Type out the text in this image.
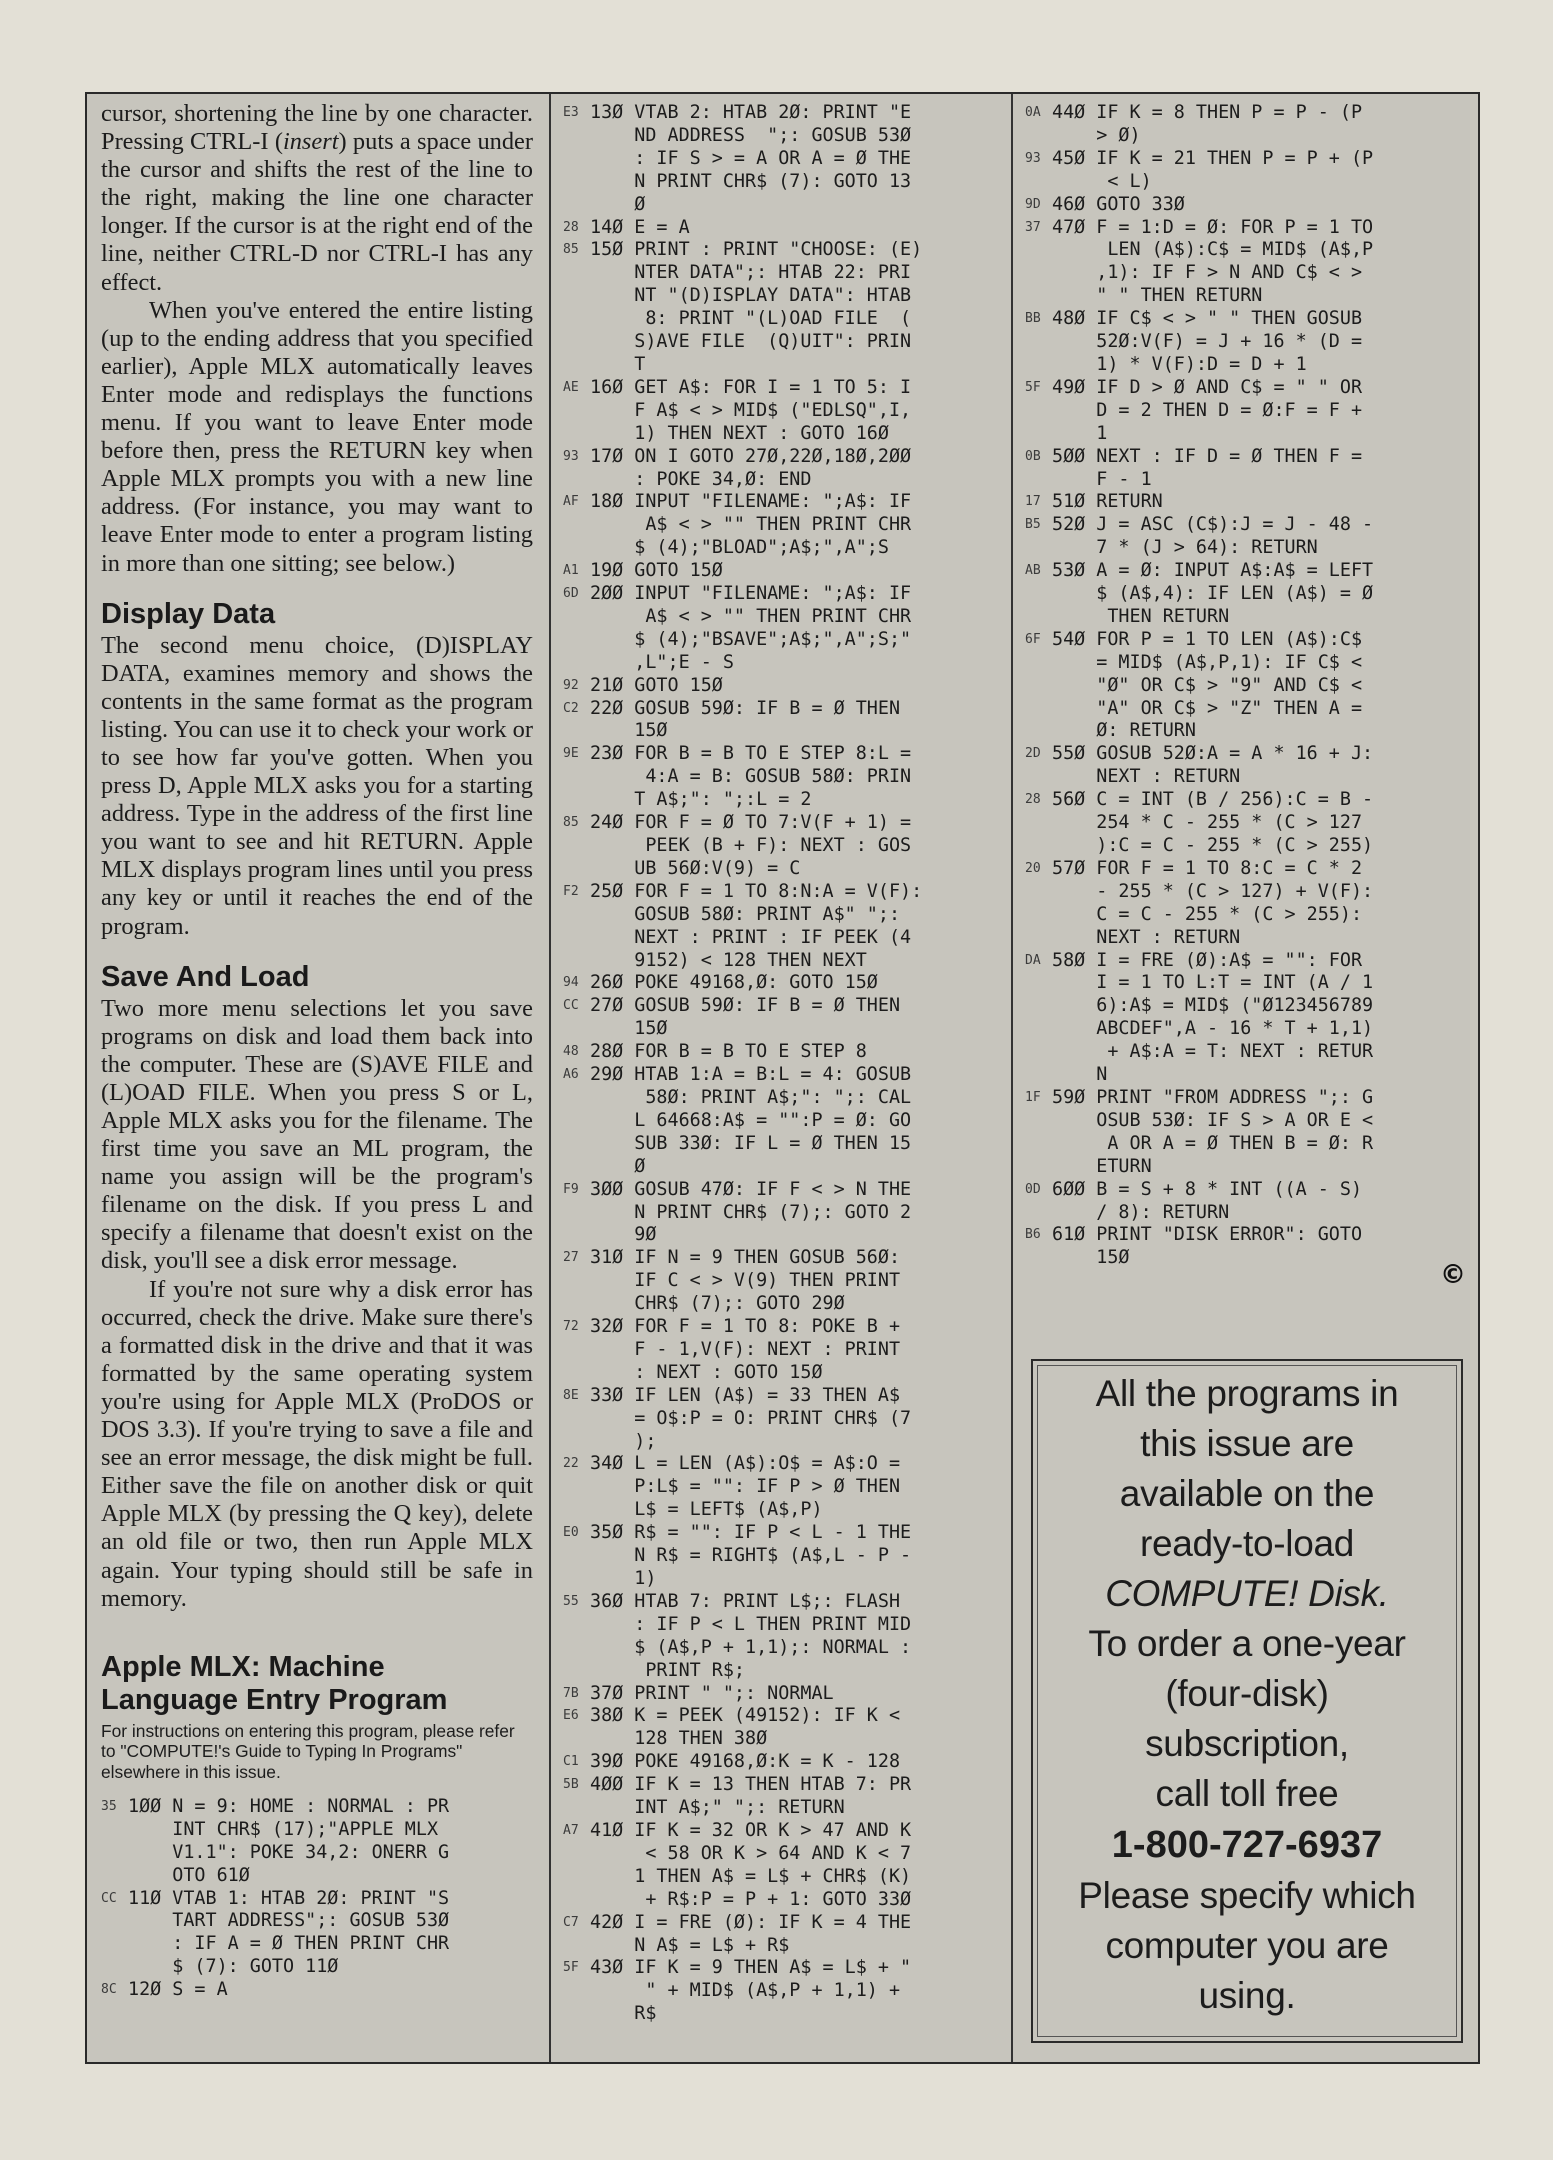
cursor, shortening the line by one character. Pressing CTRL-I (insert) puts a space under the cursor and shifts the rest of the line to the right, making the line one character longer. If the cursor is at the right end of the line, neither CTRL-D nor CTRL-I has any effect.

When you've entered the entire listing (up to the ending address that you specified earlier), Apple MLX automatically leaves Enter mode and redisplays the functions menu. If you want to leave Enter mode before then, press the RETURN key when Apple MLX prompts you with a new line address. (For instance, you may want to leave Enter mode to enter a program listing in more than one sitting; see below.)

Display Data

The second menu choice, (D)ISPLAY DATA, examines memory and shows the contents in the same format as the program listing. You can use it to check your work or to see how far you've gotten. When you press D, Apple MLX asks you for a starting address. Type in the address of the first line you want to see and hit RETURN. Apple MLX displays program lines until you press any key or until it reaches the end of the program.

Save And Load

Two more menu selections let you save programs on disk and load them back into the computer. These are (S)AVE FILE and (L)OAD FILE. When you press S or L, Apple MLX asks you for the filename. The first time you save an ML program, the name you assign will be the program's filename on the disk. If you press L and specify a filename that doesn't exist on the disk, you'll see a disk error message.

If you're not sure why a disk error has occurred, check the drive. Make sure there's a formatted disk in the drive and that it was formatted by the same operating system you're using for Apple MLX (ProDOS or DOS 3.3). If you're trying to save a file and see an error message, the disk might be full. Either save the file on another disk or quit Apple MLX (by pressing the Q key), delete an old file or two, then run Apple MLX again. Your typing should still be safe in memory.

Apple MLX: Machine
Language Entry Program
For instructions on entering this program, please refer to "COMPUTE!'s Guide to Typing In Programs" elsewhere in this issue.
35 1ØØ N = 9: HOME : NORMAL : PR
INT CHR$ (17);"APPLE MLX
V1.1": POKE 34,2: ONERR G
OTO 61Ø
CC 11Ø VTAB 1: HTAB 2Ø: PRINT "S
TART ADDRESS";: GOSUB 53Ø
: IF A = Ø THEN PRINT CHR
$ (7): GOTO 11Ø
8C 12Ø S = A
E3 13Ø VTAB 2: HTAB 2Ø: PRINT "E
ND ADDRESS  ";: GOSUB 53Ø
: IF S > = A OR A = Ø THE
N PRINT CHR$ (7): GOTO 13
Ø
28 14Ø E = A
85 15Ø PRINT : PRINT "CHOOSE: (E)
NTER DATA";: HTAB 22: PRI
NT "(D)ISPLAY DATA": HTAB
8: PRINT "(L)OAD FILE  (
S)AVE FILE  (Q)UIT": PRIN
T
AE 16Ø GET A$: FOR I = 1 TO 5: I
F A$ < > MID$ ("EDLSQ",I,
1) THEN NEXT : GOTO 16Ø
93 17Ø ON I GOTO 27Ø,22Ø,18Ø,2ØØ
: POKE 34,Ø: END
AF 18Ø INPUT "FILENAME: ";A$: IF
A$ < > "" THEN PRINT CHR
$ (4);"BLOAD";A$;",A";S
A1 19Ø GOTO 15Ø
6D 2ØØ INPUT "FILENAME: ";A$: IF
A$ < > "" THEN PRINT CHR
$ (4);"BSAVE";A$;",A";S;"
,L";E - S
92 21Ø GOTO 15Ø
C2 22Ø GOSUB 59Ø: IF B = Ø THEN
15Ø
9E 23Ø FOR B = B TO E STEP 8:L =
4:A = B: GOSUB 58Ø: PRIN
T A$;": ";:L = 2
85 24Ø FOR F = Ø TO 7:V(F + 1) =
PEEK (B + F): NEXT : GOS
UB 56Ø:V(9) = C
F2 25Ø FOR F = 1 TO 8:N:A = V(F):
GOSUB 58Ø: PRINT A$" ";:
NEXT : PRINT : IF PEEK (4
9152) < 128 THEN NEXT
94 26Ø POKE 49168,Ø: GOTO 15Ø
CC 27Ø GOSUB 59Ø: IF B = Ø THEN
15Ø
48 28Ø FOR B = B TO E STEP 8
A6 29Ø HTAB 1:A = B:L = 4: GOSUB
58Ø: PRINT A$;": ";: CAL
L 64668:A$ = "":P = Ø: GO
SUB 33Ø: IF L = Ø THEN 15
Ø
F9 3ØØ GOSUB 47Ø: IF F < > N THE
N PRINT CHR$ (7);: GOTO 2
9Ø
27 31Ø IF N = 9 THEN GOSUB 56Ø:
IF C < > V(9) THEN PRINT
CHR$ (7);: GOTO 29Ø
72 32Ø FOR F = 1 TO 8: POKE B +
F - 1,V(F): NEXT : PRINT
: NEXT : GOTO 15Ø
8E 33Ø IF LEN (A$) = 33 THEN A$
= O$:P = O: PRINT CHR$ (7
);
22 34Ø L = LEN (A$):O$ = A$:O =
P:L$ = "": IF P > Ø THEN
L$ = LEFT$ (A$,P)
E0 35Ø R$ = "": IF P < L - 1 THE
N R$ = RIGHT$ (A$,L - P -
1)
55 36Ø HTAB 7: PRINT L$;: FLASH
: IF P < L THEN PRINT MID
$ (A$,P + 1,1);: NORMAL :
PRINT R$;
7B 37Ø PRINT " ";: NORMAL
E6 38Ø K = PEEK (49152): IF K <
128 THEN 38Ø
C1 39Ø POKE 49168,Ø:K = K - 128
5B 4ØØ IF K = 13 THEN HTAB 7: PR
INT A$;" ";: RETURN
A7 41Ø IF K = 32 OR K > 47 AND K
< 58 OR K > 64 AND K < 7
1 THEN A$ = L$ + CHR$ (K)
+ R$:P = P + 1: GOTO 33Ø
C7 42Ø I = FRE (Ø): IF K = 4 THE
N A$ = L$ + R$
5F 43Ø IF K = 9 THEN A$ = L$ + "
" + MID$ (A$,P + 1,1) +
R$
0A 44Ø IF K = 8 THEN P = P - (P
> Ø)
93 45Ø IF K = 21 THEN P = P + (P
< L)
9D 46Ø GOTO 33Ø
37 47Ø F = 1:D = Ø: FOR P = 1 TO
LEN (A$):C$ = MID$ (A$,P
,1): IF F > N AND C$ < >
" " THEN RETURN
BB 48Ø IF C$ < > " " THEN GOSUB
52Ø:V(F) = J + 16 * (D =
1) * V(F):D = D + 1
5F 49Ø IF D > Ø AND C$ = " " OR
D = 2 THEN D = Ø:F = F +
1
0B 5ØØ NEXT : IF D = Ø THEN F =
F - 1
17 51Ø RETURN
B5 52Ø J = ASC (C$):J = J - 48 -
7 * (J > 64): RETURN
AB 53Ø A = Ø: INPUT A$:A$ = LEFT
$ (A$,4): IF LEN (A$) = Ø
THEN RETURN
6F 54Ø FOR P = 1 TO LEN (A$):C$
= MID$ (A$,P,1): IF C$ <
"Ø" OR C$ > "9" AND C$ <
"A" OR C$ > "Z" THEN A =
Ø: RETURN
2D 55Ø GOSUB 52Ø:A = A * 16 + J:
NEXT : RETURN
28 56Ø C = INT (B / 256):C = B -
254 * C - 255 * (C > 127
):C = C - 255 * (C > 255)
20 57Ø FOR F = 1 TO 8:C = C * 2
- 255 * (C > 127) + V(F):
C = C - 255 * (C > 255):
NEXT : RETURN
DA 58Ø I = FRE (Ø):A$ = "": FOR
I = 1 TO L:T = INT (A / 1
6):A$ = MID$ ("Ø123456789
ABCDEF",A - 16 * T + 1,1)
+ A$:A = T: NEXT : RETUR
N
1F 59Ø PRINT "FROM ADDRESS ";: G
OSUB 53Ø: IF S > A OR E <
A OR A = Ø THEN B = Ø: R
ETURN
0D 6ØØ B = S + 8 * INT ((A - S)
/ 8): RETURN
B6 61Ø PRINT "DISK ERROR": GOTO
15Ø
©
All the programs in
this issue are
available on the
ready-to-load
COMPUTE! Disk.
To order a one-year
(four-disk)
subscription,
call toll free
1-800-727-6937
Please specify which
computer you are
using.
